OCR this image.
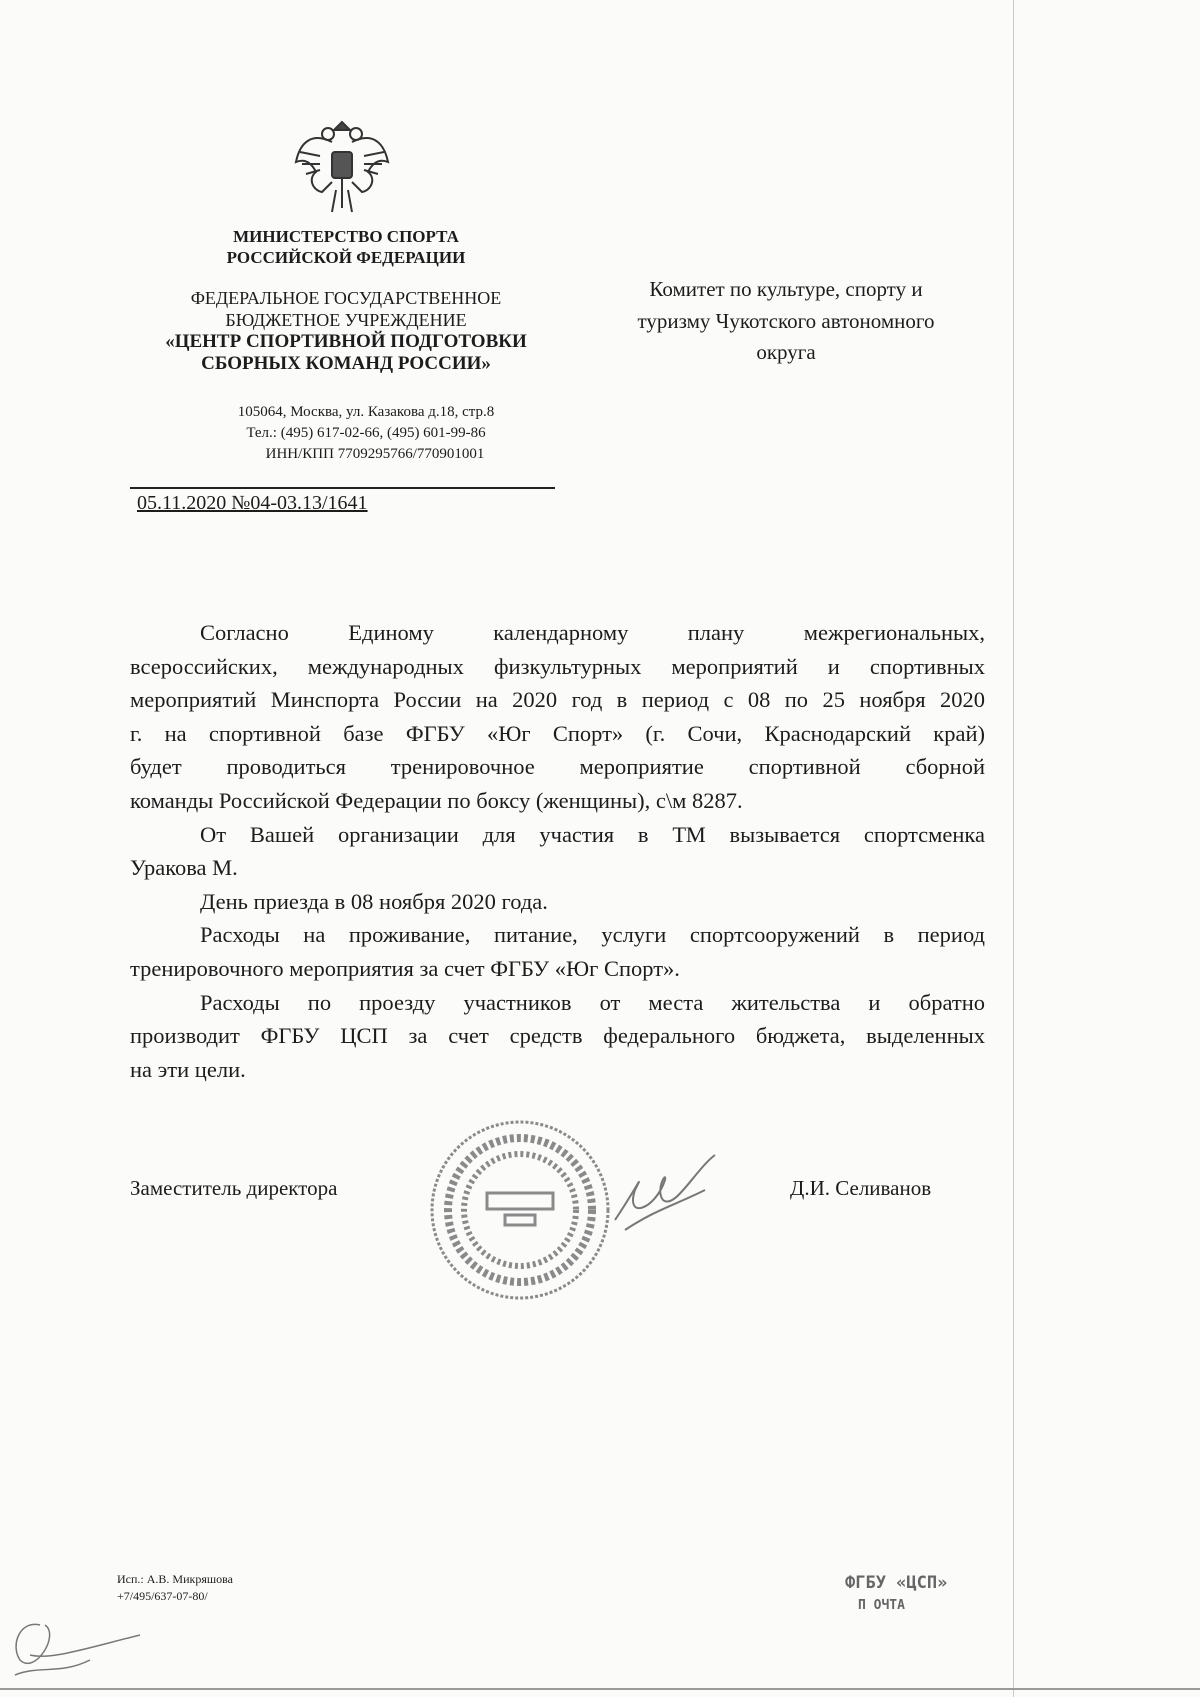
МИНИСТЕРСТВО СПОРТА
РОССИЙСКОЙ ФЕДЕРАЦИИ
ФЕДЕРАЛЬНОЕ ГОСУДАРСТВЕННОЕ
БЮДЖЕТНОЕ УЧРЕЖДЕНИЕ
«ЦЕНТР СПОРТИВНОЙ ПОДГОТОВКИ
СБОРНЫХ КОМАНД РОССИИ»
105064, Москва, ул. Казакова д.18, стр.8
Тел.: (495) 617-02-66, (495) 601-99-86
ИНН/КПП 7709295766/770901001
05.11.2020 №04-03.13/1641
Комитет по культуре, спорту и
туризму Чукотского автономного
округа
Согласно Единому календарному плану межрегиональных,
всероссийских, международных физкультурных мероприятий и спортивных
мероприятий Минспорта России на 2020 год в период с 08 по 25 ноября 2020
г. на спортивной базе ФГБУ «Юг Спорт» (г. Сочи, Краснодарский край)
будет проводиться тренировочное мероприятие спортивной сборной
команды Российской Федерации по боксу (женщины), с\м 8287.
От Вашей организации для участия в ТМ вызывается спортсменка
Уракова М.
День приезда в 08 ноября 2020 года.
Расходы на проживание, питание, услуги спортсооружений в период
тренировочного мероприятия за счет ФГБУ «Юг Спорт».
Расходы по проезду участников от места жительства и обратно
производит ФГБУ ЦСП за счет средств федерального бюджета, выделенных
на эти цели.
Заместитель директора	Д.И. Селиванов
Исп.: А.В. Микряшова
+7/495/637-07-80/
ФГБУ «ЦСП»
П ОЧТА
